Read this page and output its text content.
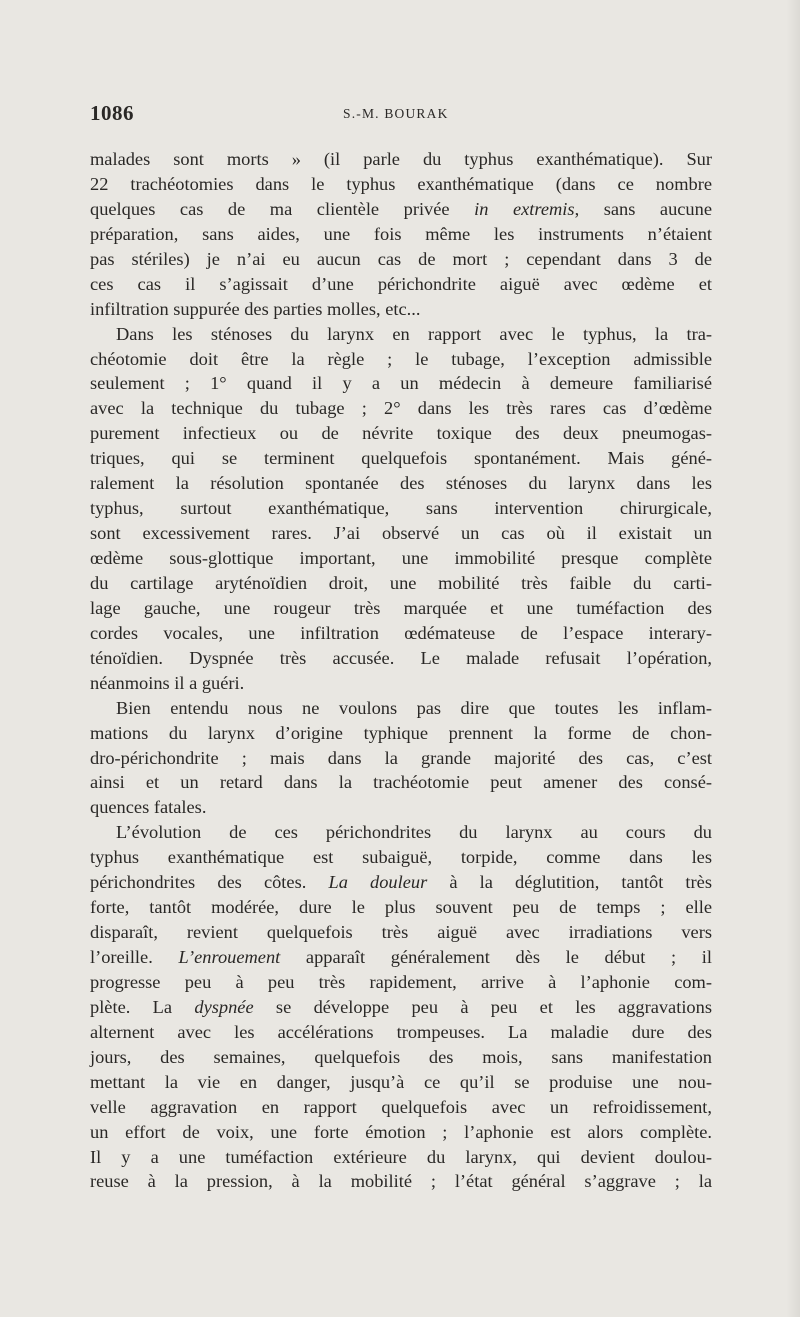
1086	S.-M. BOURAK
malades sont morts » (il parle du typhus exanthématique). Sur
22 trachéotomies dans le typhus exanthématique (dans ce nombre
quelques cas de ma clientèle privée in extremis, sans aucune
préparation, sans aides, une fois même les instruments n’étaient
pas stériles) je n’ai eu aucun cas de mort ; cependant dans 3 de
ces cas il s’agissait d’une périchondrite aiguë avec œdème et
infiltration suppurée des parties molles, etc...
Dans les sténoses du larynx en rapport avec le typhus, la tra-
chéotomie doit être la règle ; le tubage, l’exception admissible
seulement ; 1° quand il y a un médecin à demeure familiarisé
avec la technique du tubage ; 2° dans les très rares cas d’œdème
purement infectieux ou de névrite toxique des deux pneumogas-
triques, qui se terminent quelquefois spontanément. Mais géné-
ralement la résolution spontanée des sténoses du larynx dans les
typhus, surtout exanthématique, sans intervention chirurgicale,
sont excessivement rares. J’ai observé un cas où il existait un
œdème sous-glottique important, une immobilité presque complète
du cartilage aryténoïdien droit, une mobilité très faible du carti-
lage gauche, une rougeur très marquée et une tuméfaction des
cordes vocales, une infiltration œdémateuse de l’espace interary-
ténoïdien. Dyspnée très accusée. Le malade refusait l’opération,
néanmoins il a guéri.
Bien entendu nous ne voulons pas dire que toutes les inflam-
mations du larynx d’origine typhique prennent la forme de chon-
dro-périchondrite ; mais dans la grande majorité des cas, c’est
ainsi et un retard dans la trachéotomie peut amener des consé-
quences fatales.
L’évolution de ces périchondrites du larynx au cours du
typhus exanthématique est subaiguë, torpide, comme dans les
périchondrites des côtes. La douleur à la déglutition, tantôt très
forte, tantôt modérée, dure le plus souvent peu de temps ; elle
disparaît, revient quelquefois très aiguë avec irradiations vers
l’oreille. L’enrouement apparaît généralement dès le début ; il
progresse peu à peu très rapidement, arrive à l’aphonie com-
plète. La dyspnée se développe peu à peu et les aggravations
alternent avec les accélérations trompeuses. La maladie dure des
jours, des semaines, quelquefois des mois, sans manifestation
mettant la vie en danger, jusqu’à ce qu’il se produise une nou-
velle aggravation en rapport quelquefois avec un refroidissement,
un effort de voix, une forte émotion ; l’aphonie est alors complète.
Il y a une tuméfaction extérieure du larynx, qui devient doulou-
reuse à la pression, à la mobilité ; l’état général s’aggrave ; la
